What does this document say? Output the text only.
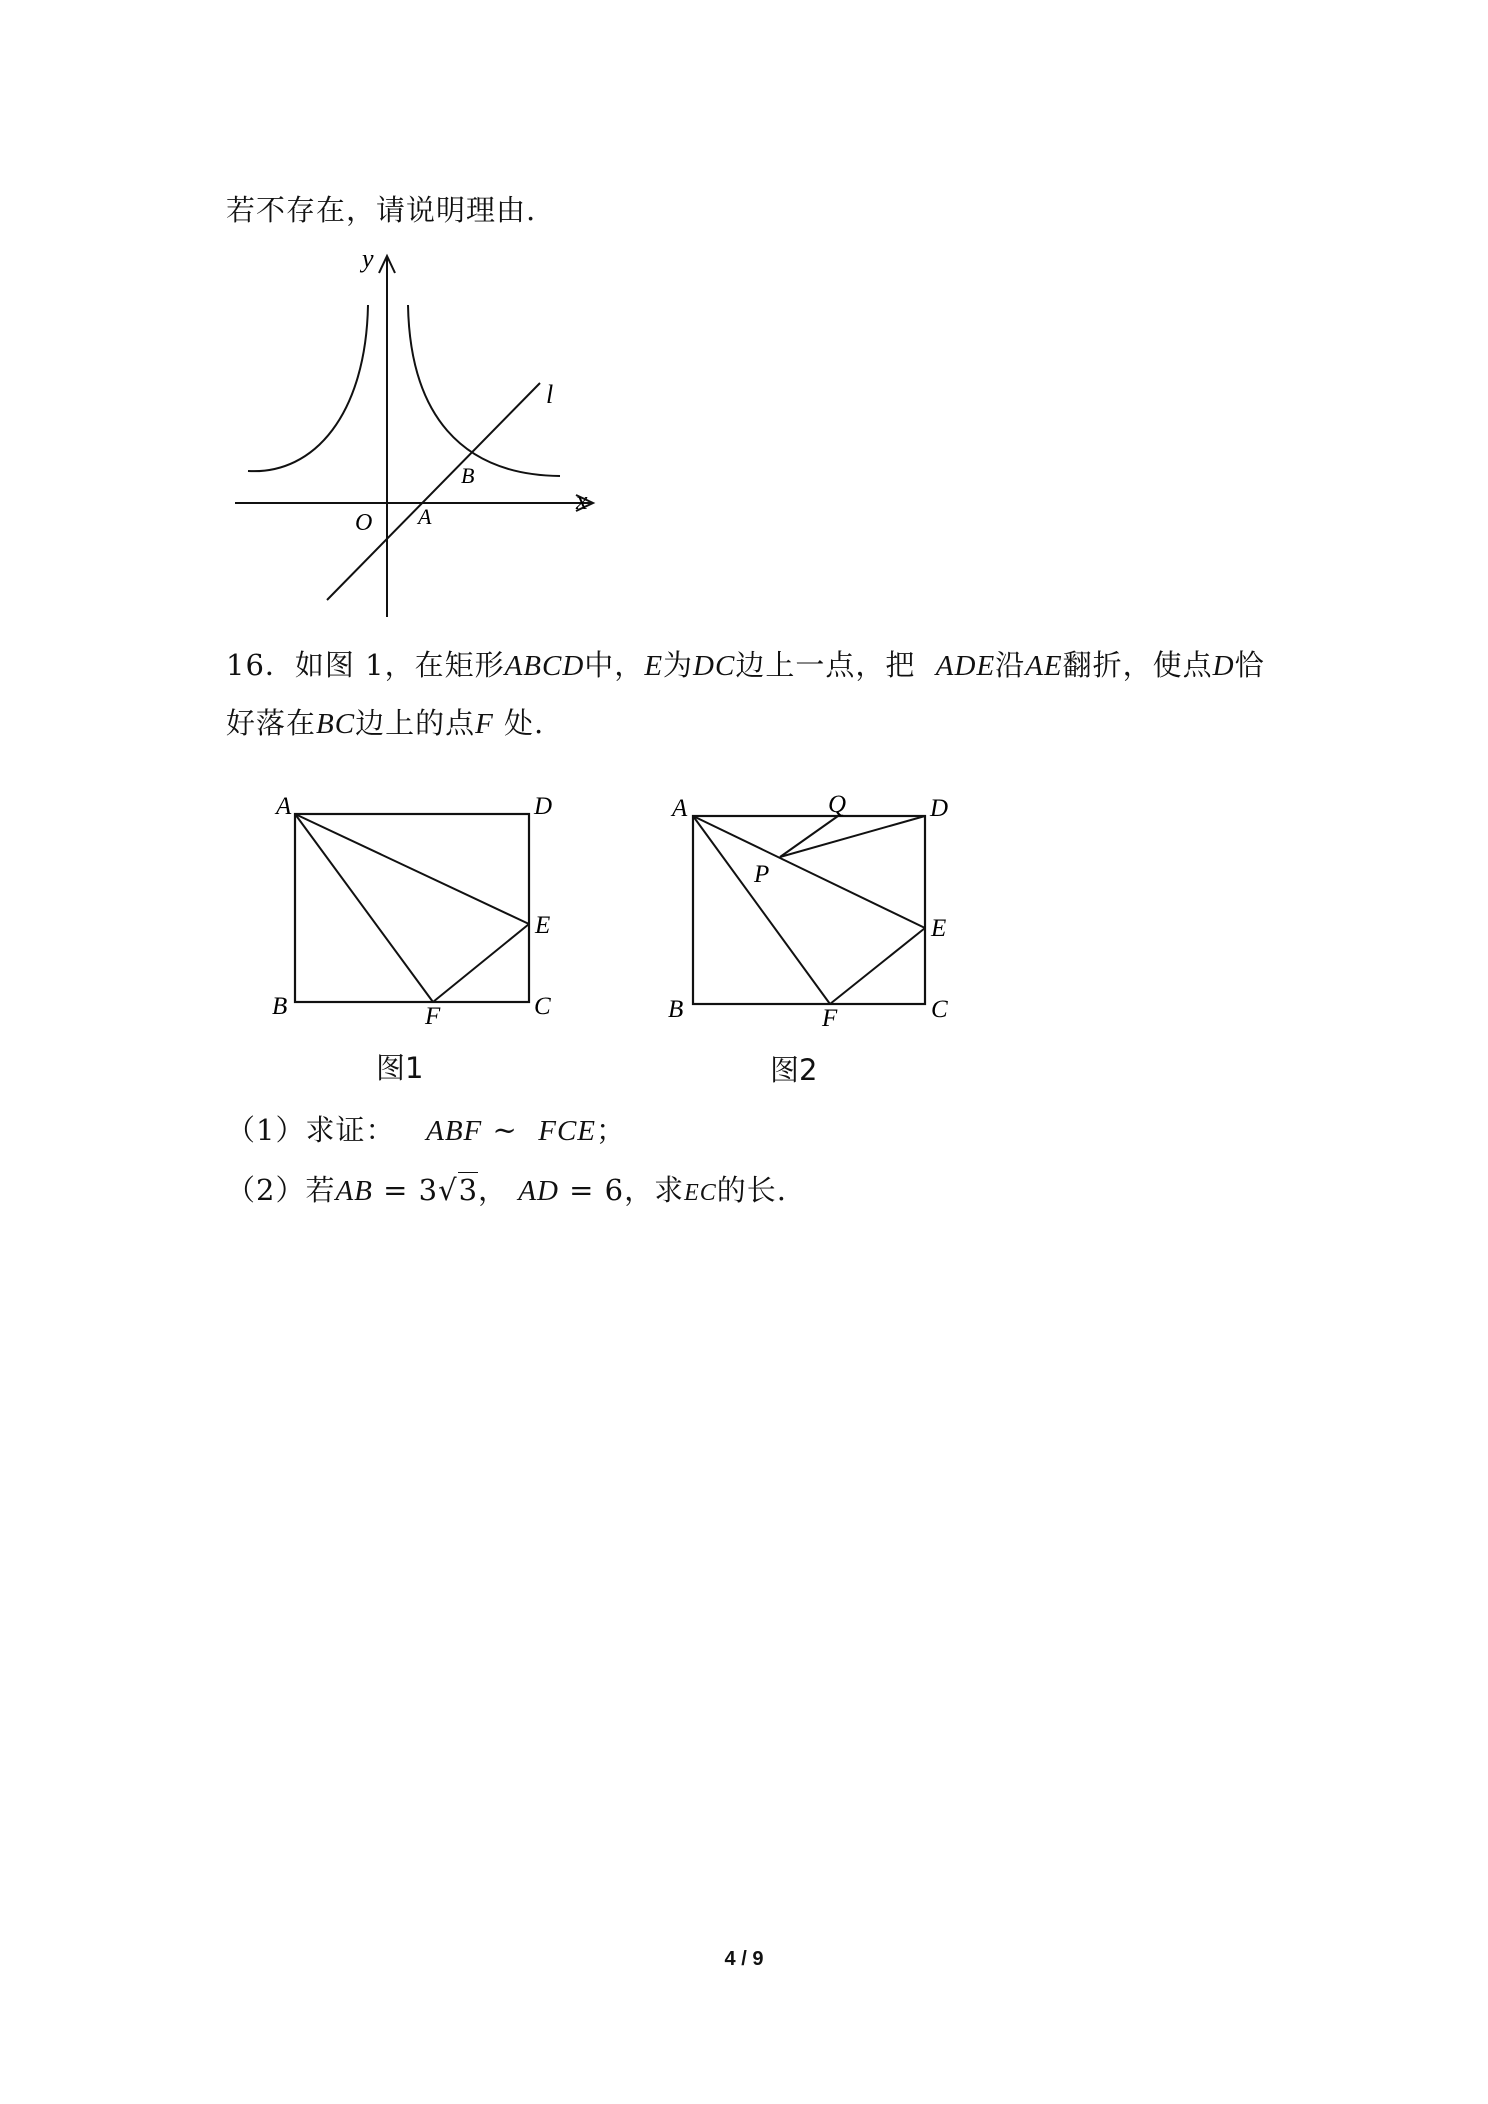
若不存在，请说明理由.
y
l
B
x
O A
16．如图 1，在矩形ABCD中，E为DC边上一点，把 ADE沿AE翻折，使点D恰
好落在BC边上的点F 处.
A	D
E
B	F	C
图1
A	Q	D
P
E
B	F	C
图2
（1）求证： ABF ~ FCE；
（2）若AB = 3√3， AD = 6，求EC的长.
4 / 9
